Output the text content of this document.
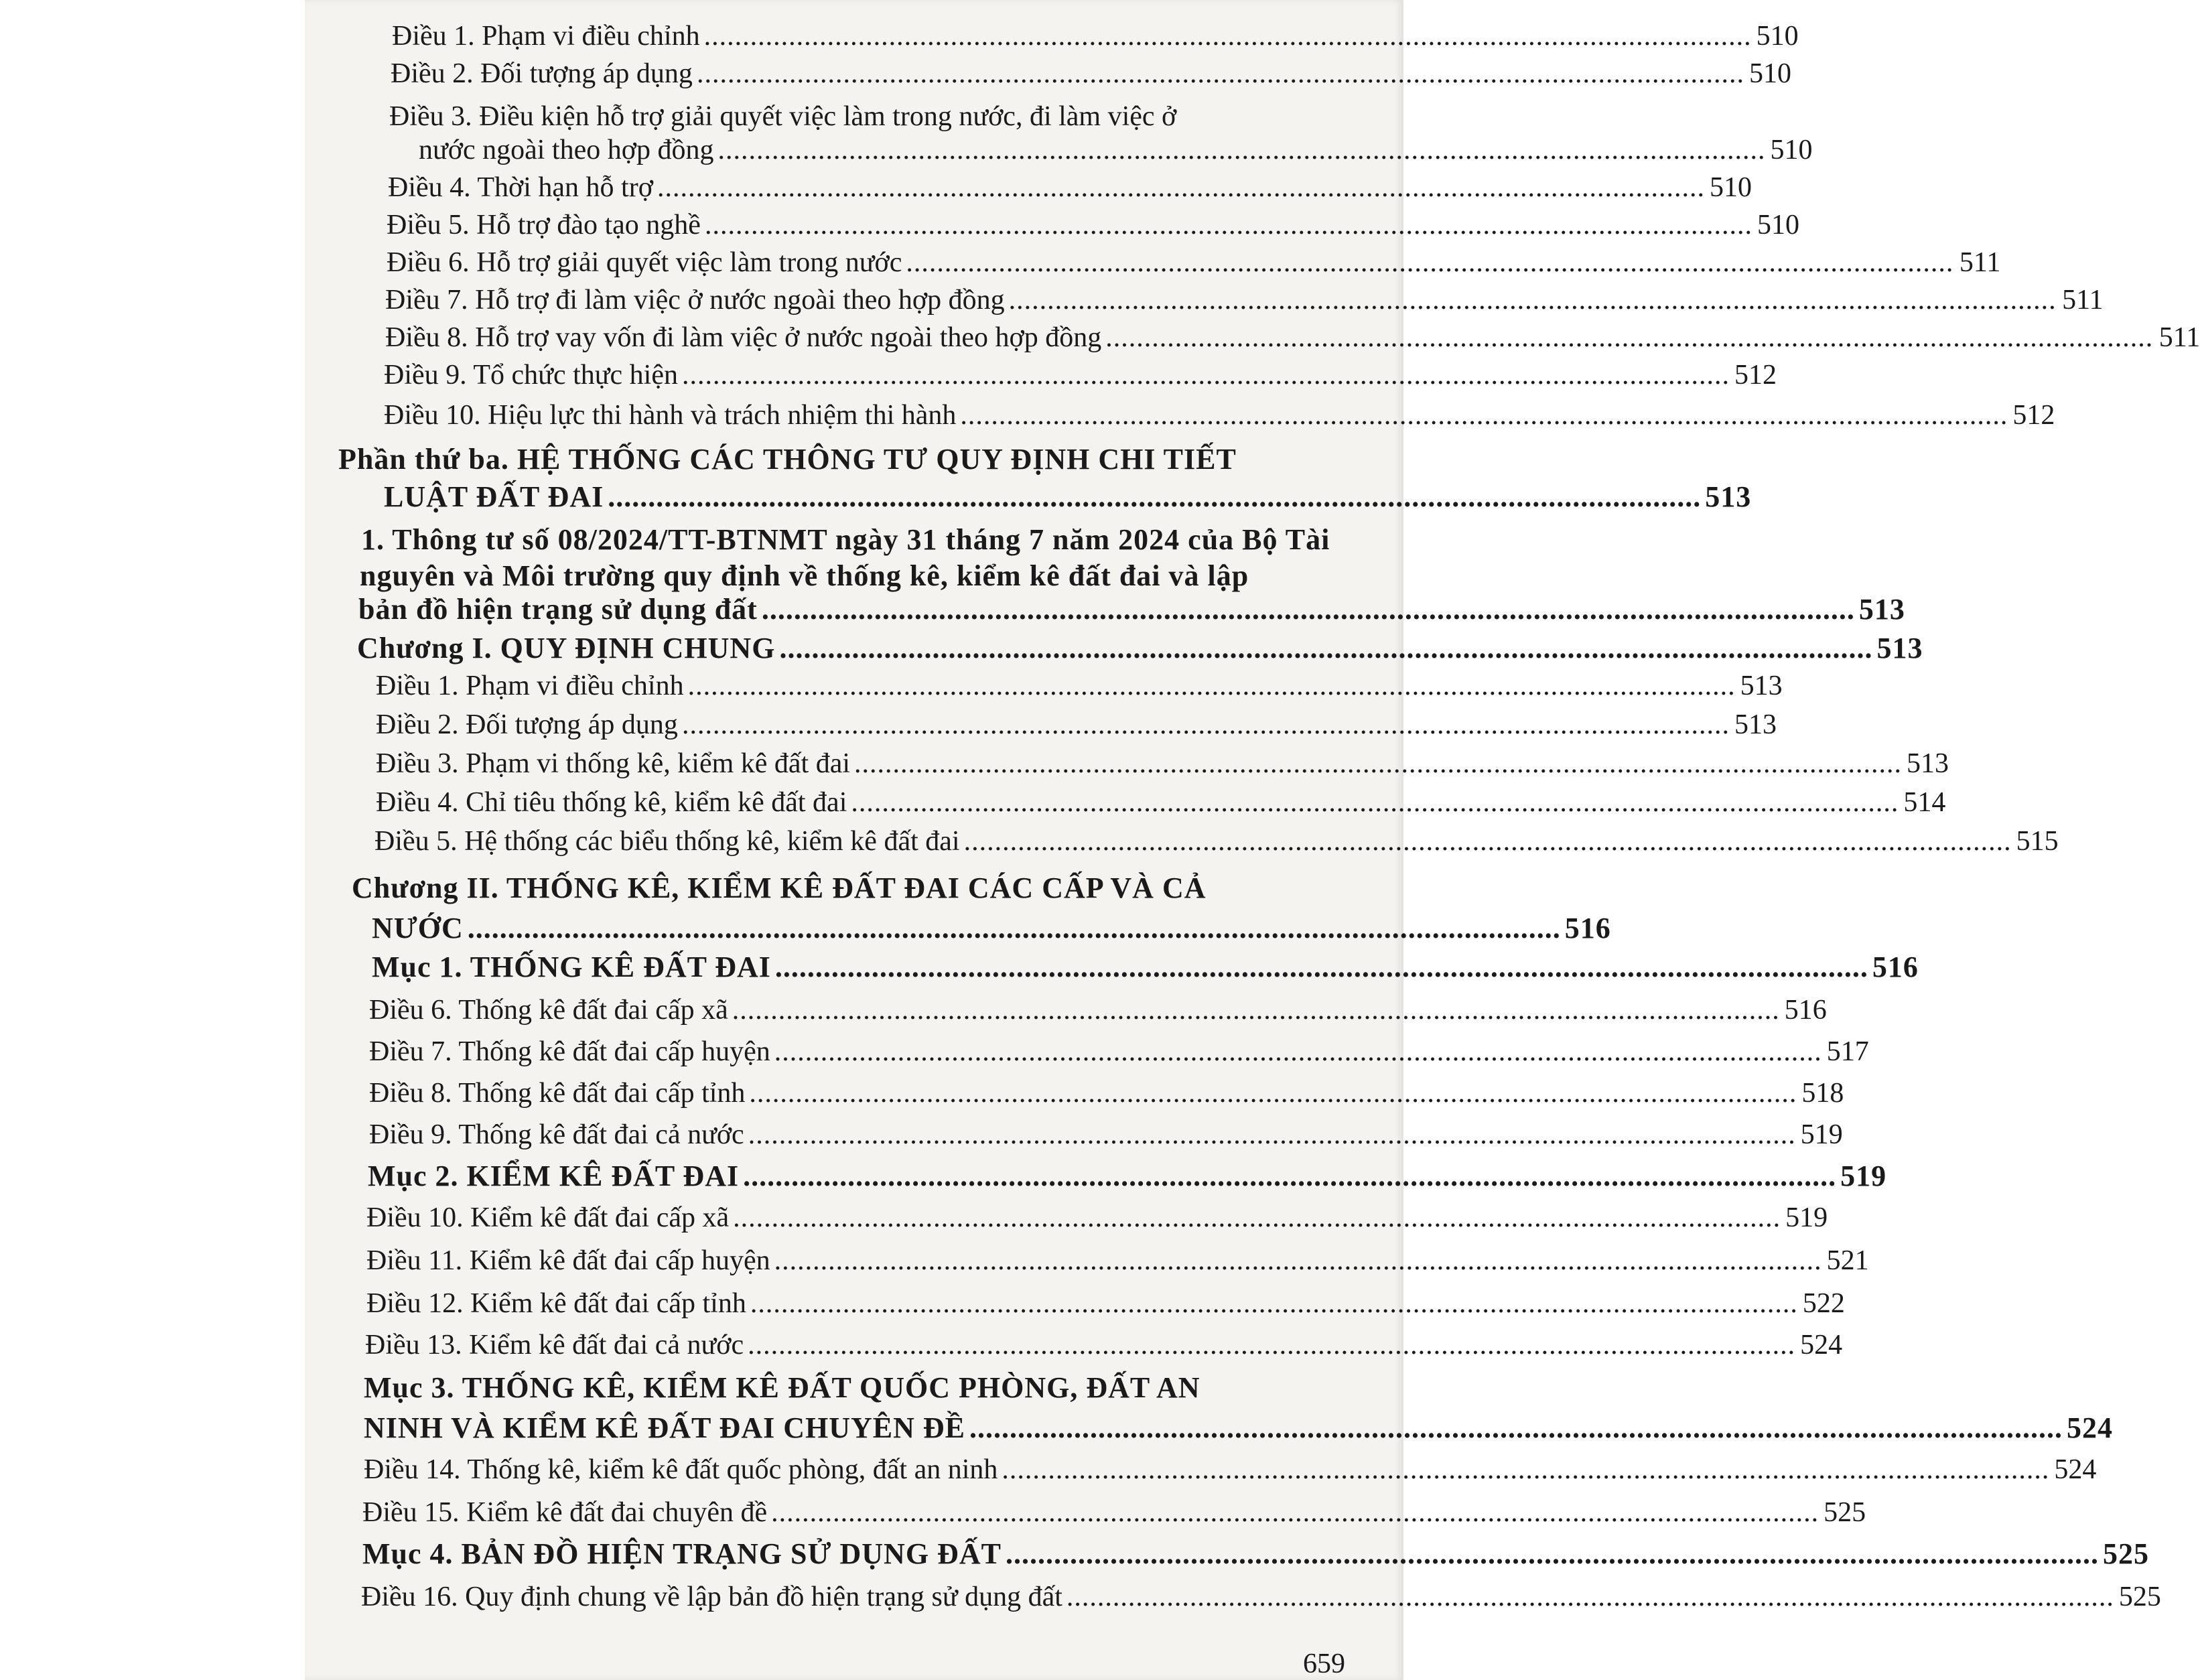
Điều 1. Phạm vi điều chỉnh ........................................................................................................................................ 510
Điều 2. Đối tượng áp dụng ........................................................................................................................................ 510
Điều 3. Điều kiện hỗ trợ giải quyết việc làm trong nước, đi làm việc ở
nước ngoài theo hợp đồng ........................................................................................................................................ 510
Điều 4. Thời hạn hỗ trợ ........................................................................................................................................ 510
Điều 5. Hỗ trợ đào tạo nghề ........................................................................................................................................ 510
Điều 6. Hỗ trợ giải quyết việc làm trong nước ........................................................................................................................................ 511
Điều 7. Hỗ trợ đi làm việc ở nước ngoài theo hợp đồng ........................................................................................................................................ 511
Điều 8. Hỗ trợ vay vốn đi làm việc ở nước ngoài theo hợp đồng ........................................................................................................................................ 511
Điều 9. Tổ chức thực hiện ........................................................................................................................................ 512
Điều 10. Hiệu lực thi hành và trách nhiệm thi hành ........................................................................................................................................ 512
Phần thứ ba. HỆ THỐNG CÁC THÔNG TƯ QUY ĐỊNH CHI TIẾT
LUẬT ĐẤT ĐAI ........................................................................................................................................ 513
1. Thông tư số 08/2024/TT-BTNMT ngày 31 tháng 7 năm 2024 của Bộ Tài
nguyên và Môi trường quy định về thống kê, kiểm kê đất đai và lập
bản đồ hiện trạng sử dụng đất ........................................................................................................................................ 513
Chương I. QUY ĐỊNH CHUNG ........................................................................................................................................ 513
Điều 1. Phạm vi điều chỉnh ........................................................................................................................................ 513
Điều 2. Đối tượng áp dụng ........................................................................................................................................ 513
Điều 3. Phạm vi thống kê, kiểm kê đất đai ........................................................................................................................................ 513
Điều 4. Chỉ tiêu thống kê, kiểm kê đất đai ........................................................................................................................................ 514
Điều 5. Hệ thống các biểu thống kê, kiểm kê đất đai ........................................................................................................................................ 515
Chương II. THỐNG KÊ, KIỂM KÊ ĐẤT ĐAI CÁC CẤP VÀ CẢ
NƯỚC ........................................................................................................................................ 516
Mục 1. THỐNG KÊ ĐẤT ĐAI ........................................................................................................................................ 516
Điều 6. Thống kê đất đai cấp xã ........................................................................................................................................ 516
Điều 7. Thống kê đất đai cấp huyện ........................................................................................................................................ 517
Điều 8. Thống kê đất đai cấp tỉnh ........................................................................................................................................ 518
Điều 9. Thống kê đất đai cả nước ........................................................................................................................................ 519
Mục 2. KIỂM KÊ ĐẤT ĐAI ........................................................................................................................................ 519
Điều 10. Kiểm kê đất đai cấp xã ........................................................................................................................................ 519
Điều 11. Kiểm kê đất đai cấp huyện ........................................................................................................................................ 521
Điều 12. Kiểm kê đất đai cấp tỉnh ........................................................................................................................................ 522
Điều 13. Kiểm kê đất đai cả nước ........................................................................................................................................ 524
Mục 3. THỐNG KÊ, KIỂM KÊ ĐẤT QUỐC PHÒNG, ĐẤT AN
NINH VÀ KIỂM KÊ ĐẤT ĐAI CHUYÊN ĐỀ ........................................................................................................................................ 524
Điều 14. Thống kê, kiểm kê đất quốc phòng, đất an ninh ........................................................................................................................................ 524
Điều 15. Kiểm kê đất đai chuyên đề ........................................................................................................................................ 525
Mục 4. BẢN ĐỒ HIỆN TRẠNG SỬ DỤNG ĐẤT ........................................................................................................................................ 525
Điều 16. Quy định chung về lập bản đồ hiện trạng sử dụng đất ........................................................................................................................................ 525
659
